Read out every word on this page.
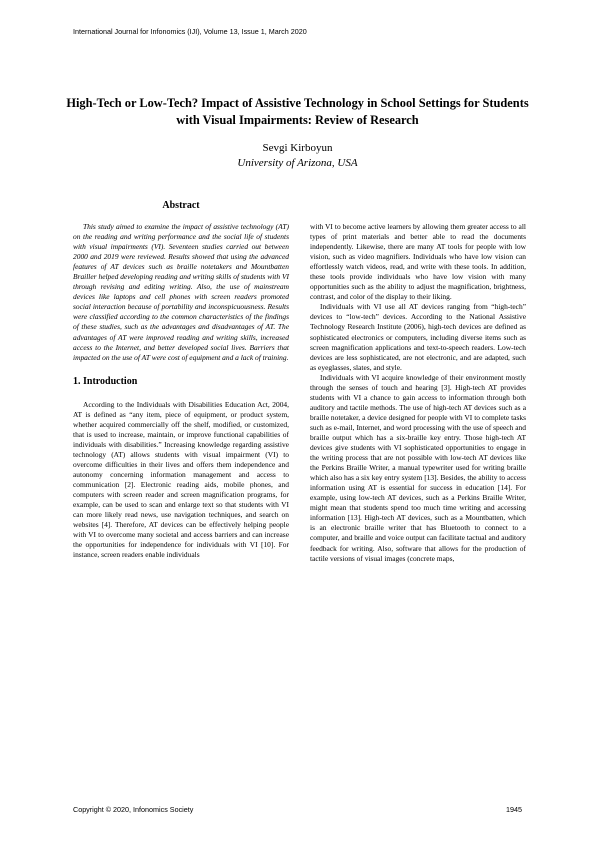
International Journal for Infonomics (IJI), Volume 13, Issue 1, March 2020
High-Tech or Low-Tech? Impact of Assistive Technology in School Settings for Students with Visual Impairments: Review of Research
Sevgi Kirboyun
University of Arizona, USA
Abstract

This study aimed to examine the impact of assistive technology (AT) on the reading and writing performance and the social life of students with visual impairments (VI). Seventeen studies carried out between 2000 and 2019 were reviewed. Results showed that using the advanced features of AT devices such as braille notetakers and Mountbatten Brailler helped developing reading and writing skills of students with VI through revising and editing writing. Also, the use of mainstream devices like laptops and cell phones with screen readers promoted social interaction because of portability and inconspicuousness. Results were classified according to the common characteristics of the findings of these studies, such as the advantages and disadvantages of AT. The advantages of AT were improved reading and writing skills, increased access to the Internet, and better developed social lives. Barriers that impacted on the use of AT were cost of equipment and a lack of training.

1. Introduction

According to the Individuals with Disabilities Education Act, 2004, AT is defined as “any item, piece of equipment, or product system, whether acquired commercially off the shelf, modified, or customized, that is used to increase, maintain, or improve functional capabilities of individuals with disabilities.” Increasing knowledge regarding assistive technology (AT) allows students with visual impairment (VI) to overcome difficulties in their lives and offers them independence and autonomy concerning information management and access to communication [2]. Electronic reading aids, mobile phones, and computers with screen reader and screen magnification programs, for example, can be used to scan and enlarge text so that students with VI can more likely read news, use navigation techniques, and search on websites [4]. Therefore, AT devices can be effectively helping people with VI to overcome many societal and access barriers and can increase the opportunities for independence for individuals with VI [10]. For instance, screen readers enable individuals

with VI to become active learners by allowing them greater access to all types of print materials and better able to read the documents independently. Likewise, there are many AT tools for people with low vision, such as video magnifiers. Individuals who have low vision can effortlessly watch videos, read, and write with these tools. In addition, these tools provide individuals who have low vision with many opportunities such as the ability to adjust the magnification, brightness, contrast, and color of the display to their liking.

Individuals with VI use all AT devices ranging from “high-tech” devices to “low-tech” devices. According to the National Assistive Technology Research Institute (2006), high-tech devices are defined as sophisticated electronics or computers, including diverse items such as screen magnification applications and text-to-speech readers. Low-tech devices are less sophisticated, are not electronic, and are adapted, such as eyeglasses, slates, and style.

Individuals with VI acquire knowledge of their environment mostly through the senses of touch and hearing [3]. High-tech AT provides students with VI a chance to gain access to information through both auditory and tactile methods. The use of high-tech AT devices such as a braille notetaker, a device designed for people with VI to complete tasks such as e-mail, Internet, and word processing with the use of speech and braille output which has a six-braille key entry. Those high-tech AT devices give students with VI sophisticated opportunities to engage in the writing process that are not possible with low-tech AT devices like the Perkins Braille Writer, a manual typewriter used for writing braille which also has a six key entry system [13]. Besides, the ability to access information using AT is essential for success in education [14]. For example, using low-tech AT devices, such as a Perkins Braille Writer, might mean that students spend too much time writing and accessing information [13]. High-tech AT devices, such as a Mountbatten, which is an electronic braille writer that has Bluetooth to connect to a computer, and braille and voice output can facilitate tactual and auditory feedback for writing. Also, software that allows for the production of tactile versions of visual images (concrete maps,

Copyright © 2020, Infonomics Society	1945
